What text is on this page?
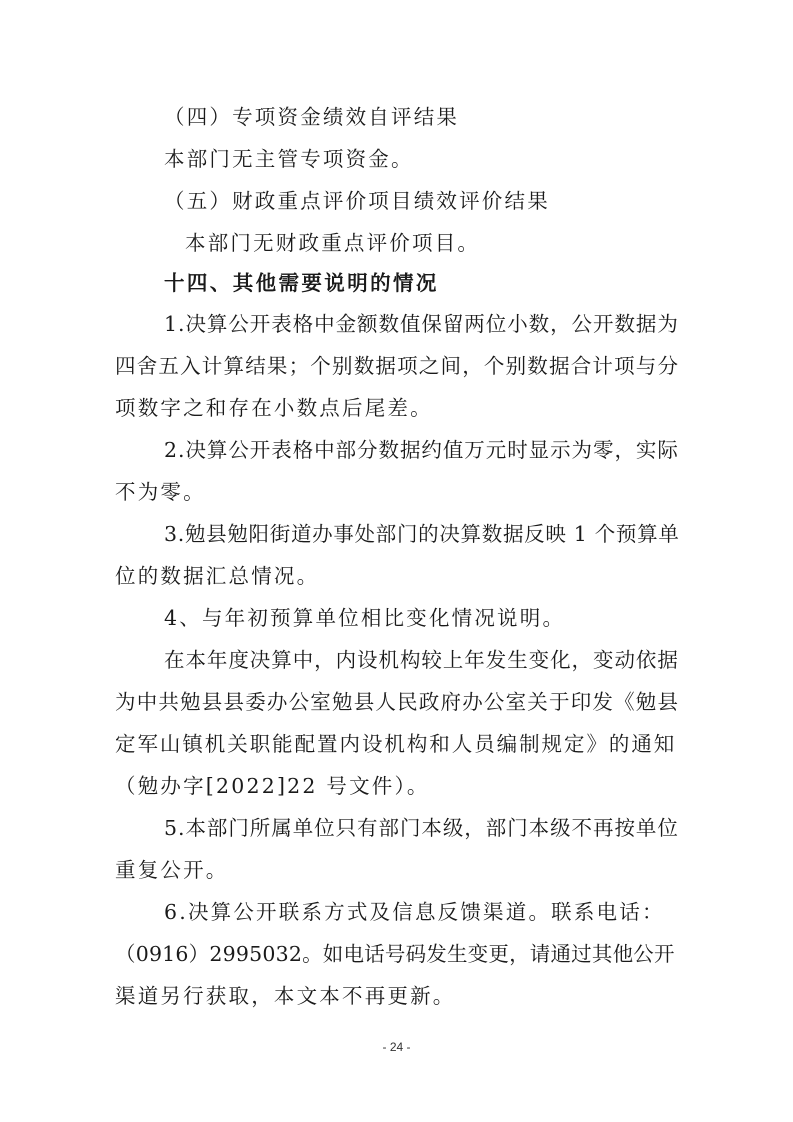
（四）专项资金绩效自评结果
本部门无主管专项资金。
（五）财政重点评价项目绩效评价结果
本部门无财政重点评价项目。
十四、其他需要说明的情况
1.决算公开表格中金额数值保留两位小数，公开数据为
四舍五入计算结果；个别数据项之间，个别数据合计项与分
项数字之和存在小数点后尾差。
2.决算公开表格中部分数据约值万元时显示为零，实际
不为零。
3.勉县勉阳街道办事处部门的决算数据反映 1 个预算单
位的数据汇总情况。
4、与年初预算单位相比变化情况说明。
在本年度决算中，内设机构较上年发生变化，变动依据
为中共勉县县委办公室勉县人民政府办公室关于印发《勉县
定军山镇机关职能配置内设机构和人员编制规定》的通知
（勉办字[2022]22 号文件）。
5.本部门所属单位只有部门本级，部门本级不再按单位
重复公开。
6.决算公开联系方式及信息反馈渠道。联系电话：
（0916）2995032。如电话号码发生变更，请通过其他公开
渠道另行获取，本文本不再更新。
- 24 -
